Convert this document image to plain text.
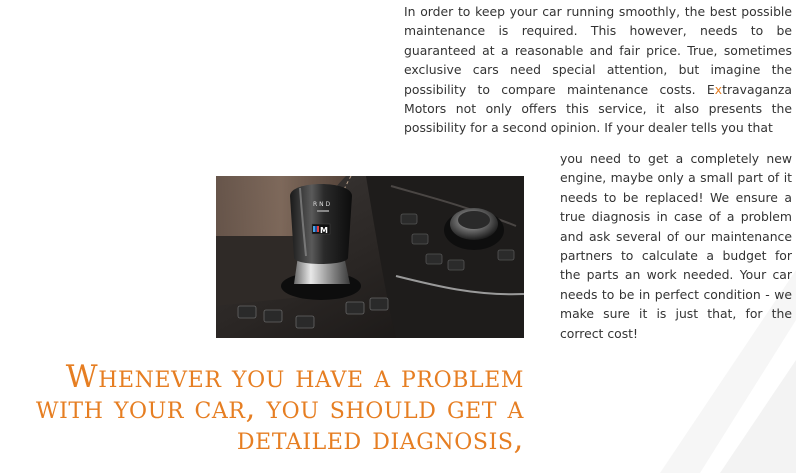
In order to keep your car running smoothly, the best possible maintenance is required. This however, needs to be guaranteed at a reasonable and fair price. True, sometimes exclusive cars need special attention, but imagine the possibility to compare maintenance costs. Extravaganza Motors not only offers this service, it also presents the possibility for a second opinion. If your dealer tells you that

you need to get a completely new engine, maybe only a small part of it needs to be replaced! We ensure a true diagnosis in case of a problem and ask several of our maintenance partners to calculate a budget for the parts an work needed. Your car needs to be in perfect condition - we make sure it is just that, for the correct cost!

R N D
M
Whenever you have a problem
with your car, you should get a
detailed diagnosis,
